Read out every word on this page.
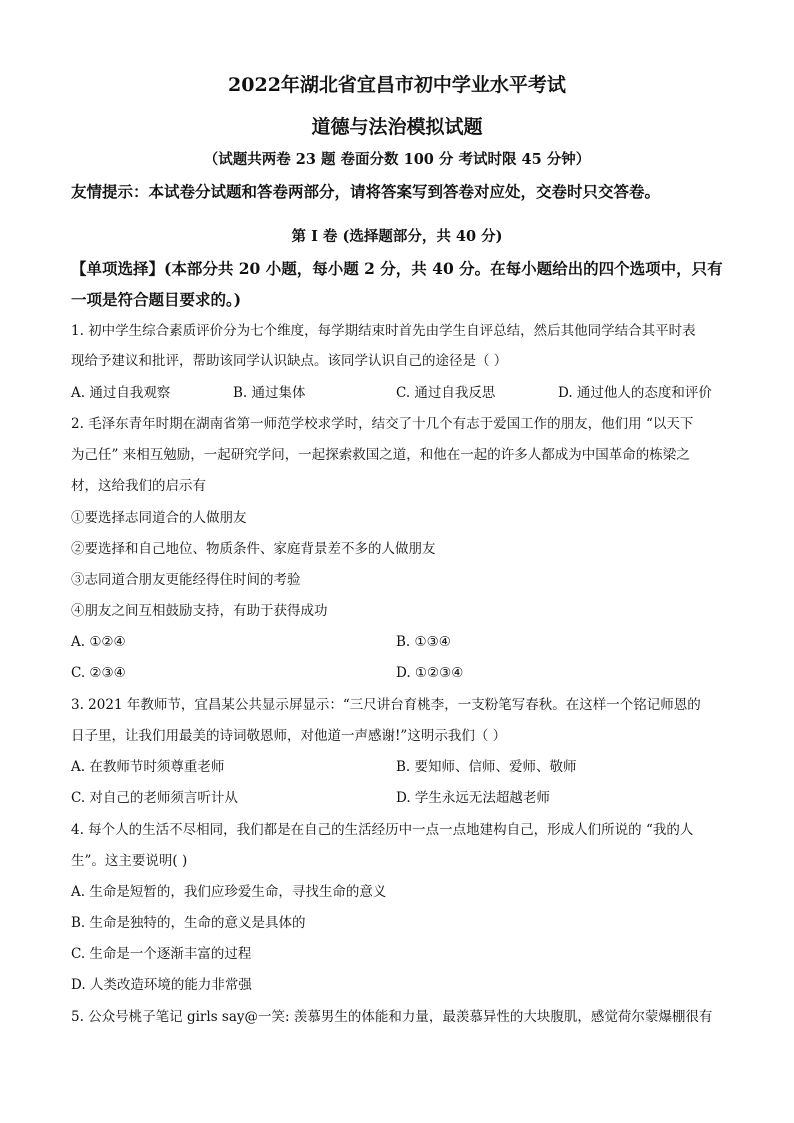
2022年湖北省宜昌市初中学业水平考试
道德与法治模拟试题
（试题共两卷 23 题 卷面分数 100 分 考试时限 45 分钟）
友情提示：本试卷分试题和答卷两部分，请将答案写到答卷对应处，交卷时只交答卷。
第 I 卷 (选择题部分，共 40 分)
【单项选择】(本部分共 20 小题，每小题 2 分，共 40 分。在每小题给出的四个选项中，只有
一项是符合题目要求的。)
1. 初中学生综合素质评价分为七个维度，每学期结束时首先由学生自评总结，然后其他同学结合其平时表
现给予建议和批评，帮助该同学认识缺点。该同学认识自己的途径是（ ）
A. 通过自我观察	B. 通过集体	C. 通过自我反思	D. 通过他人的态度和评价
2. 毛泽东青年时期在湖南省第一师范学校求学时，结交了十几个有志于爱国工作的朋友，他们用 “以天下
为己任” 来相互勉励，一起研究学问，一起探索救国之道，和他在一起的许多人都成为中国革命的栋梁之
材，这给我们的启示有
①要选择志同道合的人做朋友
②要选择和自己地位、物质条件、家庭背景差不多的人做朋友
③志同道合朋友更能经得住时间的考验
④朋友之间互相鼓励支持，有助于获得成功
A. ①②④	B. ①③④
C. ②③④	D. ①②③④
3. 2021 年教师节，宜昌某公共显示屏显示：“三尺讲台育桃李，一支粉笔写春秋。在这样一个铭记师恩的
日子里，让我们用最美的诗词敬恩师，对他道一声感谢!”这明示我们（ ）
A. 在教师节时须尊重老师	B. 要知师、信师、爱师、敬师
C. 对自己的老师须言听计从	D. 学生永远无法超越老师
4. 每个人的生活不尽相同，我们都是在自己的生活经历中一点一点地建构自己，形成人们所说的 “我的人
生”。这主要说明( )
A. 生命是短暂的，我们应珍爱生命，寻找生命的意义
B. 生命是独特的，生命的意义是具体的
C. 生命是一个逐渐丰富的过程
D. 人类改造环境的能力非常强
5. 公众号桃子笔记 girls say@一笑: 羡慕男生的体能和力量，最羡慕异性的大块腹肌，感觉荷尔蒙爆棚很有
